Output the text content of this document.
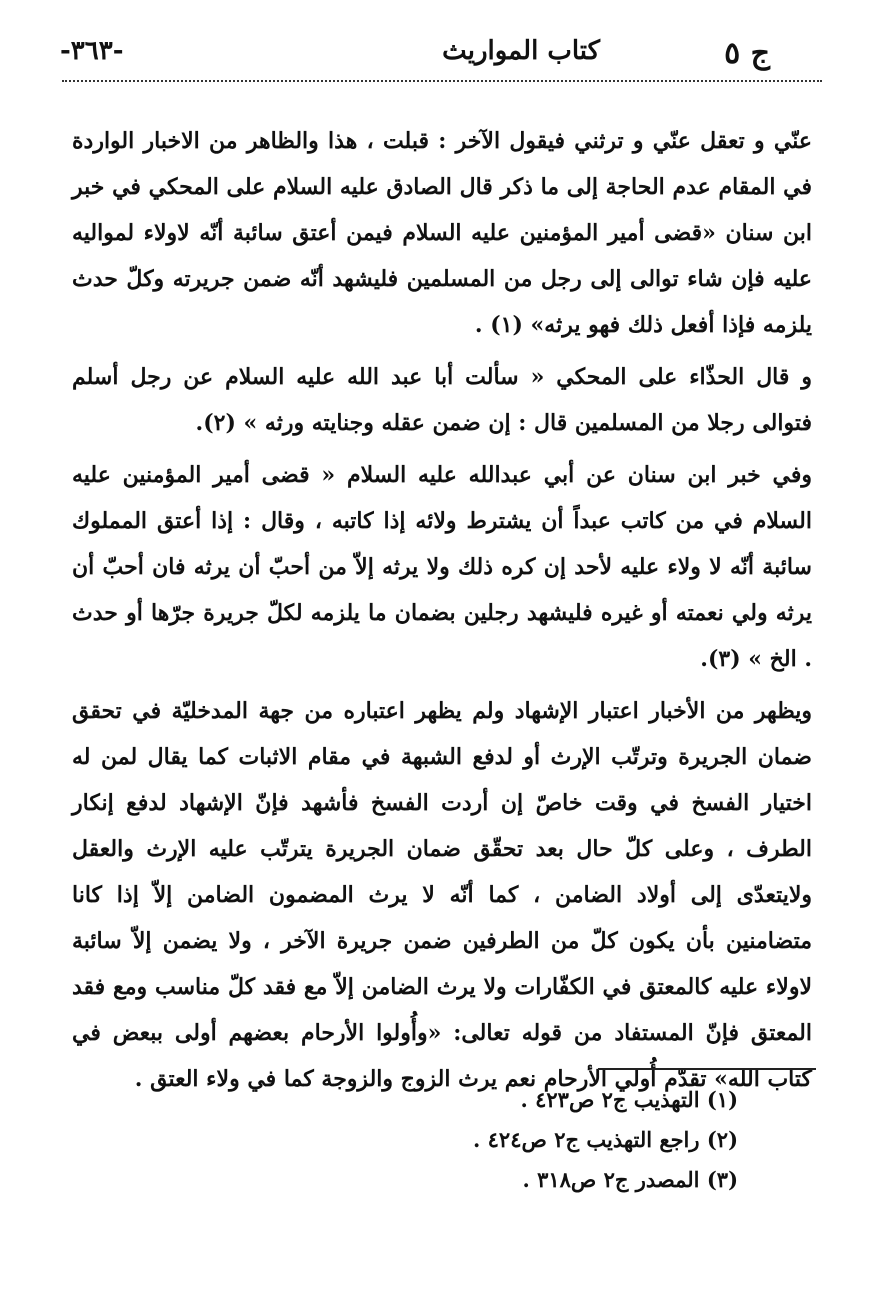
ج ٥
كتاب المواريث
-٣٦٣-

عنّي و تعقل عنّي و ترثني فيقول الآخر : قبلت ، هذا والظاهر من الاخبار الواردة في المقام عدم الحاجة إلى ما ذكر قال الصادق عليه السلام على المحكي في خبر ابن سنان «قضى أمير المؤمنين عليه السلام فيمن أعتق سائبة أنّه لاولاء لمواليه عليه فإن شاء توالى إلى رجل من المسلمين فليشهد أنّه ضمن جريرته وكلّ حدث يلزمه فإذا أفعل ذلك فهو يرثه» (١) .

و قال الحذّاء على المحكي « سألت أبا عبد الله عليه السلام عن رجل أسلم فتوالى رجلا من المسلمين قال : إن ضمن عقله وجنايته ورثه » (٢).

وفي خبر ابن سنان عن أبي عبدالله عليه السلام « قضى أمير المؤمنين عليه السلام في من كاتب عبداً أن يشترط ولائه إذا كاتبه ، وقال : إذا أعتق المملوك سائبة أنّه لا ولاء عليه لأحد إن كره ذلك ولا يرثه إلاّ من أحبّ أن يرثه فان أحبّ أن يرثه ولي نعمته أو غيره فليشهد رجلين بضمان ما يلزمه لكلّ جريرة جرّها أو حدث . الخ » (٣).

ويظهر من الأخبار اعتبار الإشهاد ولم يظهر اعتباره من جهة المدخليّة في تحقق ضمان الجريرة وترتّب الإرث أو لدفع الشبهة في مقام الاثبات كما يقال لمن له اختيار الفسخ في وقت خاصّ إن أردت الفسخ فأشهد فإنّ الإشهاد لدفع إنكار الطرف ، وعلى كلّ حال بعد تحقّق ضمان الجريرة يترتّب عليه الإرث والعقل ولايتعدّى إلى أولاد الضامن ، كما أنّه لا يرث المضمون الضامن إلاّ إذا كانا متضامنين بأن يكون كلّ من الطرفين ضمن جريرة الآخر ، ولا يضمن إلاّ سائبة لاولاء عليه كالمعتق في الكفّارات ولا يرث الضامن إلاّ مع فقد كلّ مناسب ومع فقد المعتق فإنّ المستفاد من قوله تعالى: «وأُولوا الأرحام بعضهم أولى ببعض في كتاب الله» تقدّم أُولي الأرحام نعم يرث الزوج والزوجة كما في ولاء العتق .

(١) التهذيب ج٢ ص٤٢٣ .

(٢) راجع التهذيب ج٢ ص٤٢٤ .

(٣) المصدر ج٢ ص٣١٨ .
